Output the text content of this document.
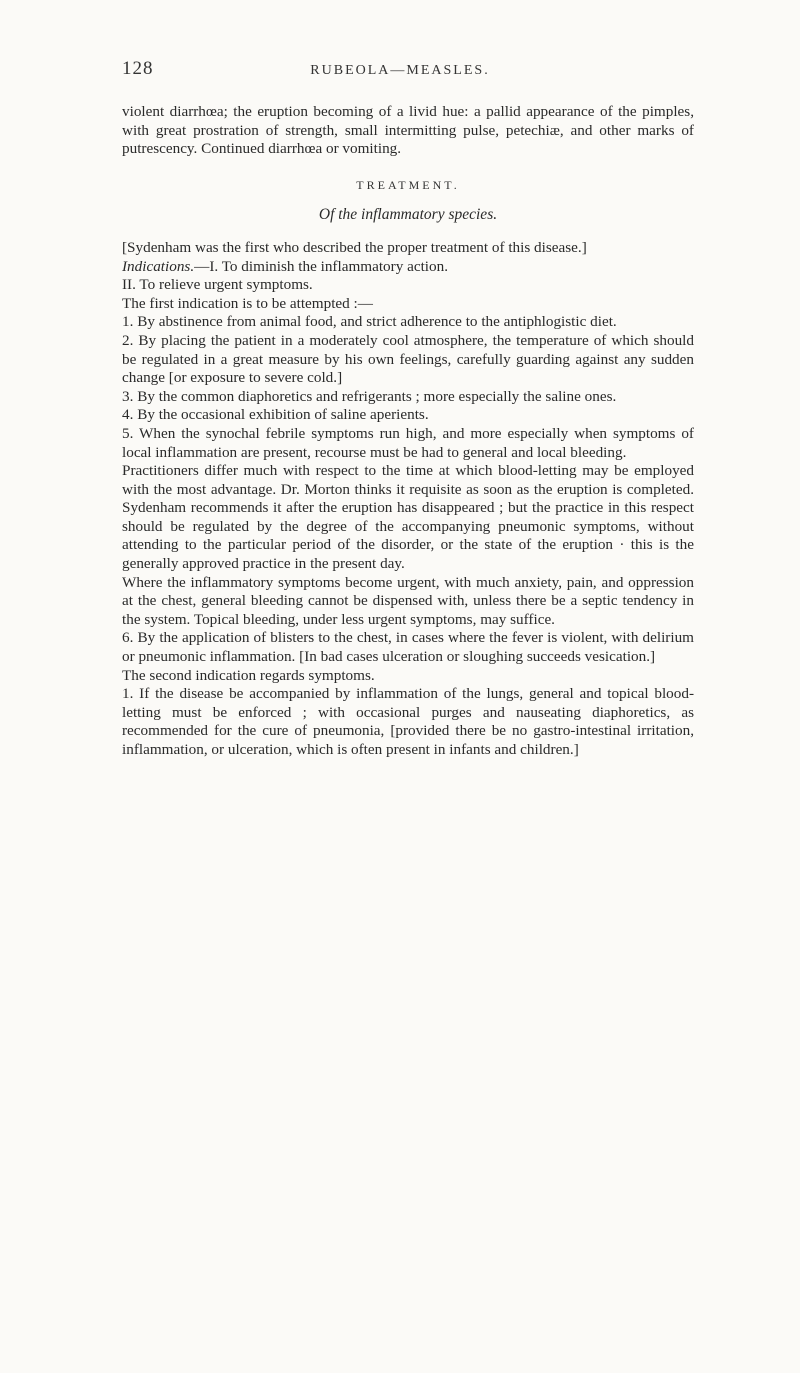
128	RUBEOLA—MEASLES.

violent diarrhœa; the eruption becoming of a livid hue: a pallid appearance of the pimples, with great prostration of strength, small intermitting pulse, petechiæ, and other marks of putrescency. Continued diarrhœa or vomiting.

TREATMENT.
Of the inflammatory species.

[Sydenham was the first who described the proper treatment of this disease.]

Indications.—I. To diminish the inflammatory action.

II. To relieve urgent symptoms.

The first indication is to be attempted :—

1. By abstinence from animal food, and strict adherence to the antiphlogistic diet.

2. By placing the patient in a moderately cool atmosphere, the temperature of which should be regulated in a great measure by his own feelings, carefully guarding against any sudden change [or exposure to severe cold.]

3. By the common diaphoretics and refrigerants ; more especially the saline ones.

4. By the occasional exhibition of saline aperients.

5. When the synochal febrile symptoms run high, and more especially when symptoms of local inflammation are present, recourse must be had to general and local bleeding.

Practitioners differ much with respect to the time at which blood-letting may be employed with the most advantage. Dr. Morton thinks it requisite as soon as the eruption is completed. Sydenham recommends it after the eruption has disappeared ; but the practice in this respect should be regulated by the degree of the accompanying pneumonic symptoms, without attending to the particular period of the disorder, or the state of the eruption · this is the generally approved practice in the present day.

Where the inflammatory symptoms become urgent, with much anxiety, pain, and oppression at the chest, general bleeding cannot be dispensed with, unless there be a septic tendency in the system. Topical bleeding, under less urgent symptoms, may suffice.

6. By the application of blisters to the chest, in cases where the fever is violent, with delirium or pneumonic inflammation. [In bad cases ulceration or sloughing succeeds vesication.]

The second indication regards symptoms.

1. If the disease be accompanied by inflammation of the lungs, general and topical blood-letting must be enforced ; with occasional purges and nauseating diaphoretics, as recommended for the cure of pneumonia, [provided there be no gastro-intestinal irritation, inflammation, or ulceration, which is often present in infants and children.]
